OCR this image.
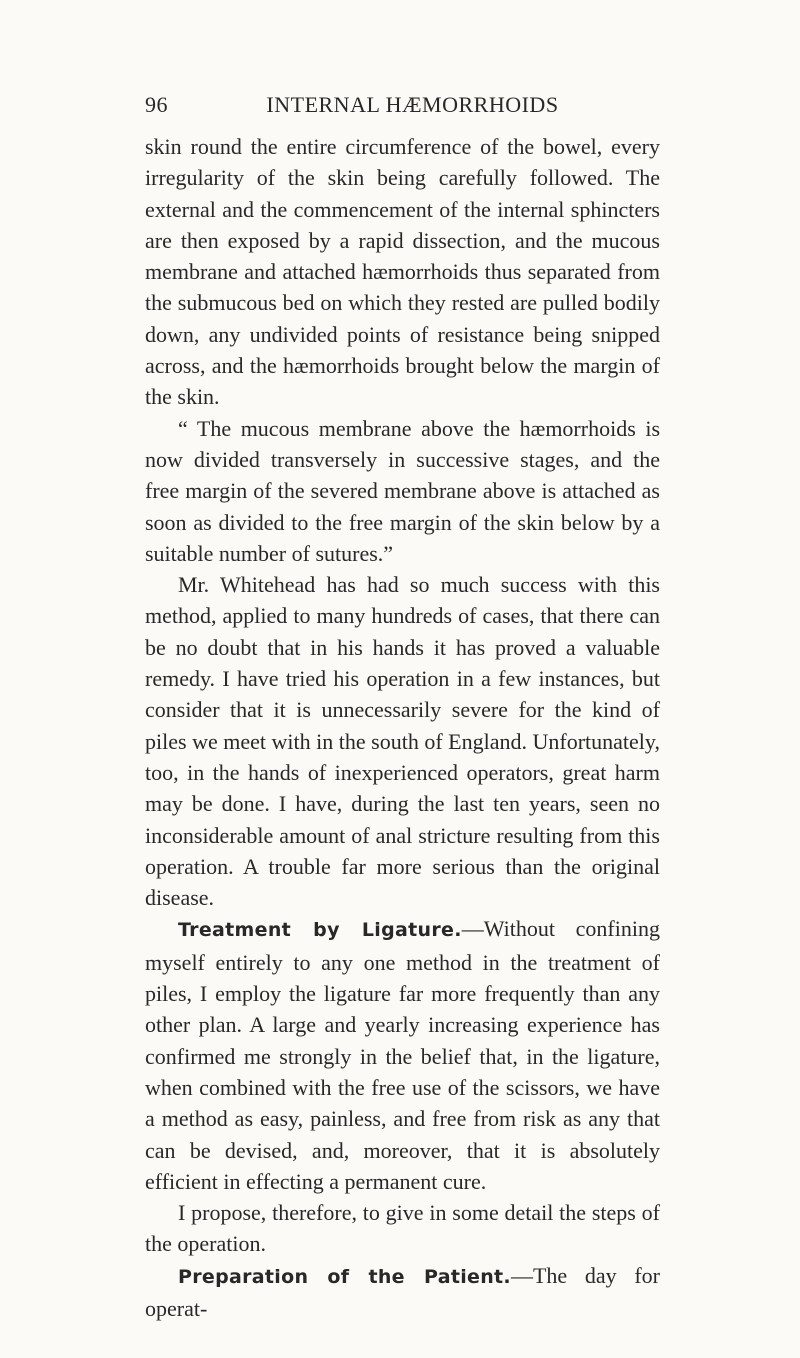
96	INTERNAL HÆMORRHOIDS

skin round the entire circumference of the bowel, every irregularity of the skin being carefully followed. The external and the commencement of the internal sphincters are then exposed by a rapid dissection, and the mucous membrane and attached hæmorrhoids thus separated from the submucous bed on which they rested are pulled bodily down, any undivided points of resistance being snipped across, and the hæmorrhoids brought below the margin of the skin.

“ The mucous membrane above the hæmorrhoids is now divided transversely in successive stages, and the free margin of the severed membrane above is attached as soon as divided to the free margin of the skin below by a suitable number of sutures.”

Mr. Whitehead has had so much success with this method, applied to many hundreds of cases, that there can be no doubt that in his hands it has proved a valuable remedy. I have tried his operation in a few instances, but consider that it is unnecessarily severe for the kind of piles we meet with in the south of England. Unfortunately, too, in the hands of inexperienced operators, great harm may be done. I have, during the last ten years, seen no inconsiderable amount of anal stricture resulting from this operation. A trouble far more serious than the original disease.

Treatment by Ligature.—Without confining myself entirely to any one method in the treatment of piles, I employ the ligature far more frequently than any other plan. A large and yearly increasing experience has confirmed me strongly in the belief that, in the ligature, when combined with the free use of the scissors, we have a method as easy, painless, and free from risk as any that can be devised, and, moreover, that it is absolutely efficient in effecting a permanent cure.

I propose, therefore, to give in some detail the steps of the operation.

Preparation of the Patient.—The day for operat-
